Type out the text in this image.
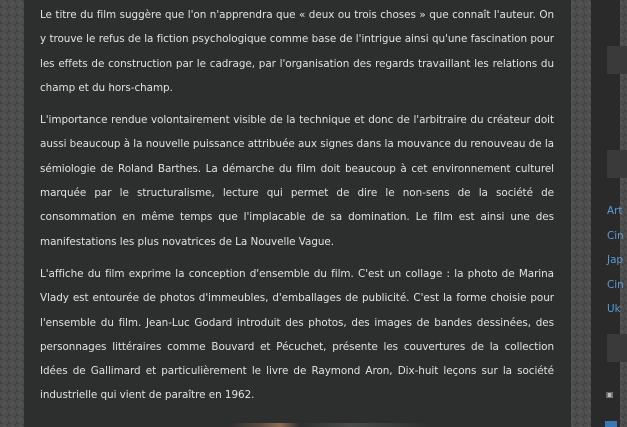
Le titre du film suggère que l'on n'apprendra que « deux ou trois choses » que connaît l'auteur. On y trouve le refus de la fiction psychologique comme base de l'intrigue ainsi qu'une fascination pour les effets de construction par le cadrage, par l'organisation des regards travaillant les relations du champ et du hors-champ.

L'importance rendue volontairement visible de la technique et donc de l'arbitraire du créateur doit aussi beaucoup à la nouvelle puissance attribuée aux signes dans la mouvance du renouveau de la sémiologie de Roland Barthes. La démarche du film doit beaucoup à cet environnement culturel marquée par le structuralisme, lecture qui permet de dire le non-sens de la société de consommation en même temps que l'implacable de sa domination. Le film est ainsi une des manifestations les plus novatrices de La Nouvelle Vague.

L'affiche du film exprime la conception d'ensemble du film. C'est un collage : la photo de Marina Vlady est entourée de photos d'immeubles, d'emballages de publicité. C'est la forme choisie pour l'ensemble du film. Jean-Luc Godard introduit des photos, des images de bandes dessinées, des personnages littéraires comme Bouvard et Pécuchet, présente les couvertures de la collection Idées de Gallimard et particulièrement le livre de Raymond Aron, Dix-huit leçons sur la société industrielle qui vient de paraître en 1962.

Art
Cin
Jap
Cin
Uk
▣
